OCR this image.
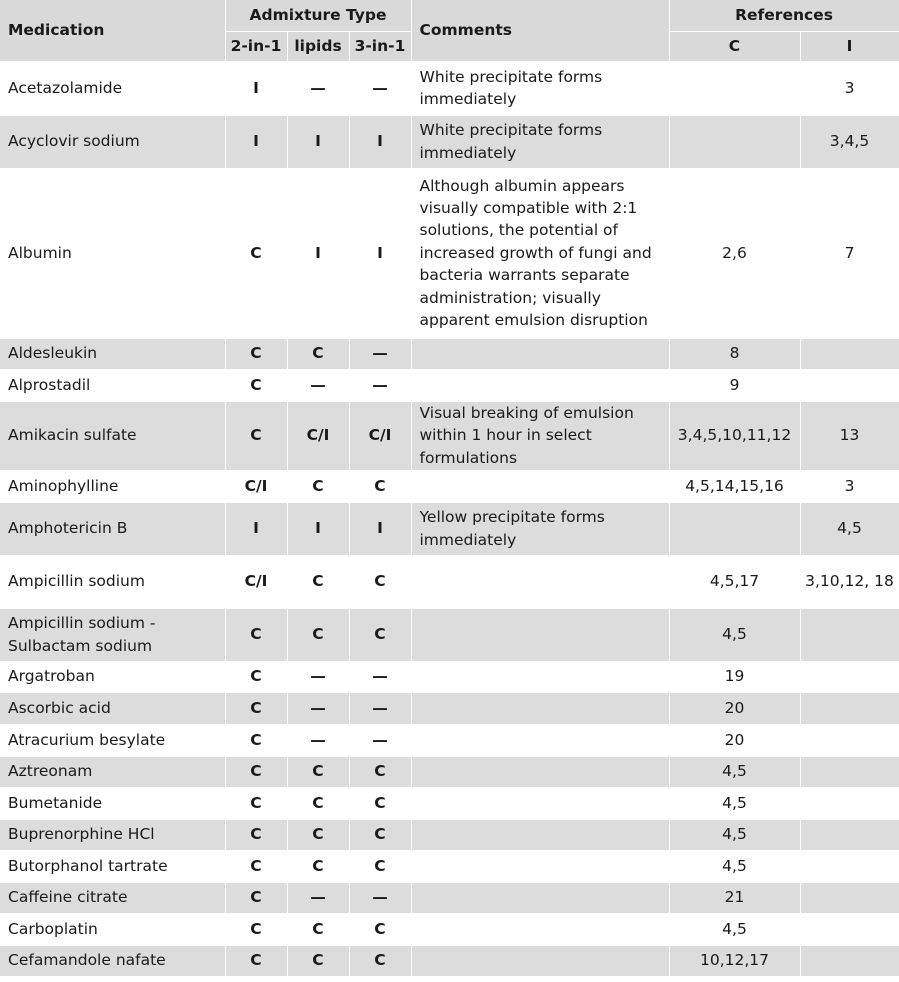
Medication	Admixture Type			Comments	References	
	2-in-1	lipids	3-in-1		C	I
Acetazolamide	I	—	—	White precipitate forms immediately		3
Acyclovir sodium	I	I	I	White precipitate forms immediately		3,4,5
Albumin	C	I	I	Although albumin appears visually compatible with 2:1 solutions, the potential of increased growth of fungi and bacteria warrants separate administration; visually apparent emulsion disruption	2,6	7
Aldesleukin	C	C	—		8	
Alprostadil	C	—	—		9	
Amikacin sulfate	C	C/I	C/I	Visual breaking of emulsion within 1 hour in select formulations	3,4,5,10,11,12	13
Aminophylline	C/I	C	C		4,5,14,15,16	3
Amphotericin B	I	I	I	Yellow precipitate forms immediately		4,5
Ampicillin sodium	C/I	C	C		4,5,17	3,10,12, 18
Ampicillin sodium - Sulbactam sodium	C	C	C		4,5	
Argatroban	C	—	—		19	
Ascorbic acid	C	—	—		20	
Atracurium besylate	C	—	—		20	
Aztreonam	C	C	C		4,5	
Bumetanide	C	C	C		4,5	
Buprenorphine HCl	C	C	C		4,5	
Butorphanol tartrate	C	C	C		4,5	
Caffeine citrate	C	—	—		21	
Carboplatin	C	C	C		4,5	
Cefamandole nafate	C	C	C		10,12,17	
